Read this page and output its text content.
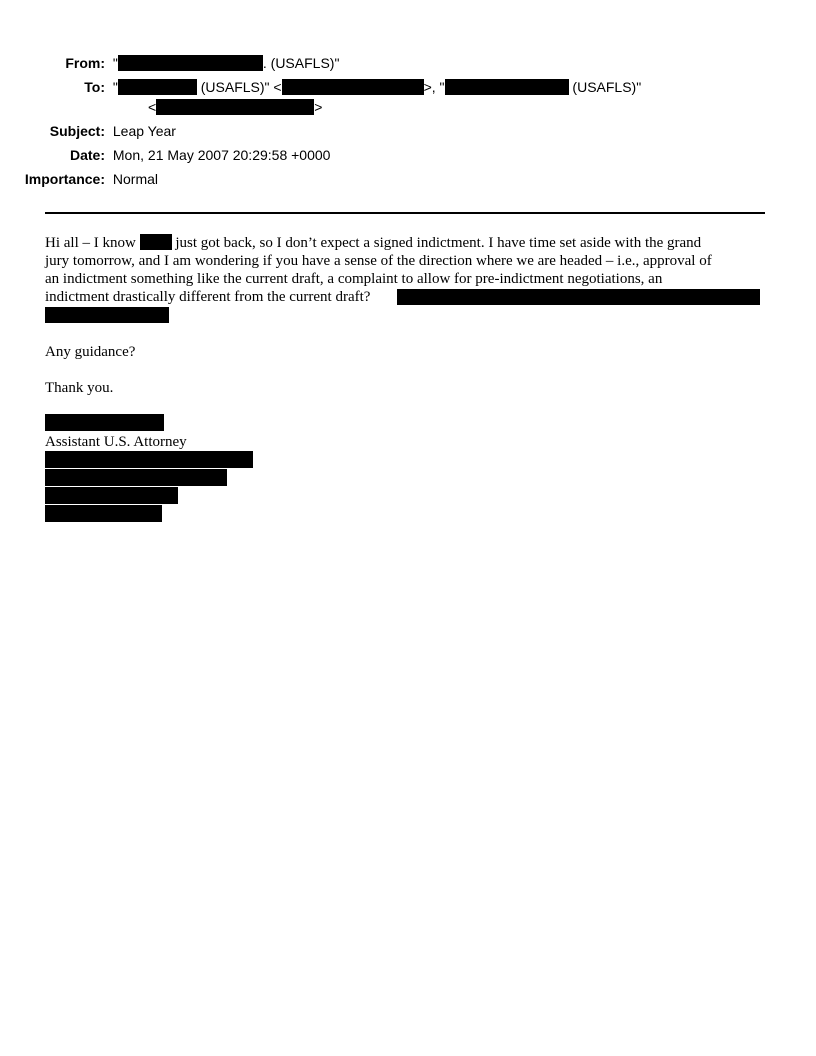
From: "	. (USAFLS)"
To: "	(USAFLS)" <	>, "	(USAFLS)"
<	>
Subject: Leap Year
Date: Mon, 21 May 2007 20:29:58 +0000
Importance: Normal
Hi all – I know	just got back, so I don’t expect a signed indictment. I have time set aside with the grand
jury tomorrow, and I am wondering if you have a sense of the direction where we are headed – i.e., approval of
an indictment something like the current draft, a complaint to allow for pre-indictment negotiations, an
indictment drastically different from the current draft?
Any guidance?
Thank you.
Assistant U.S. Attorney
